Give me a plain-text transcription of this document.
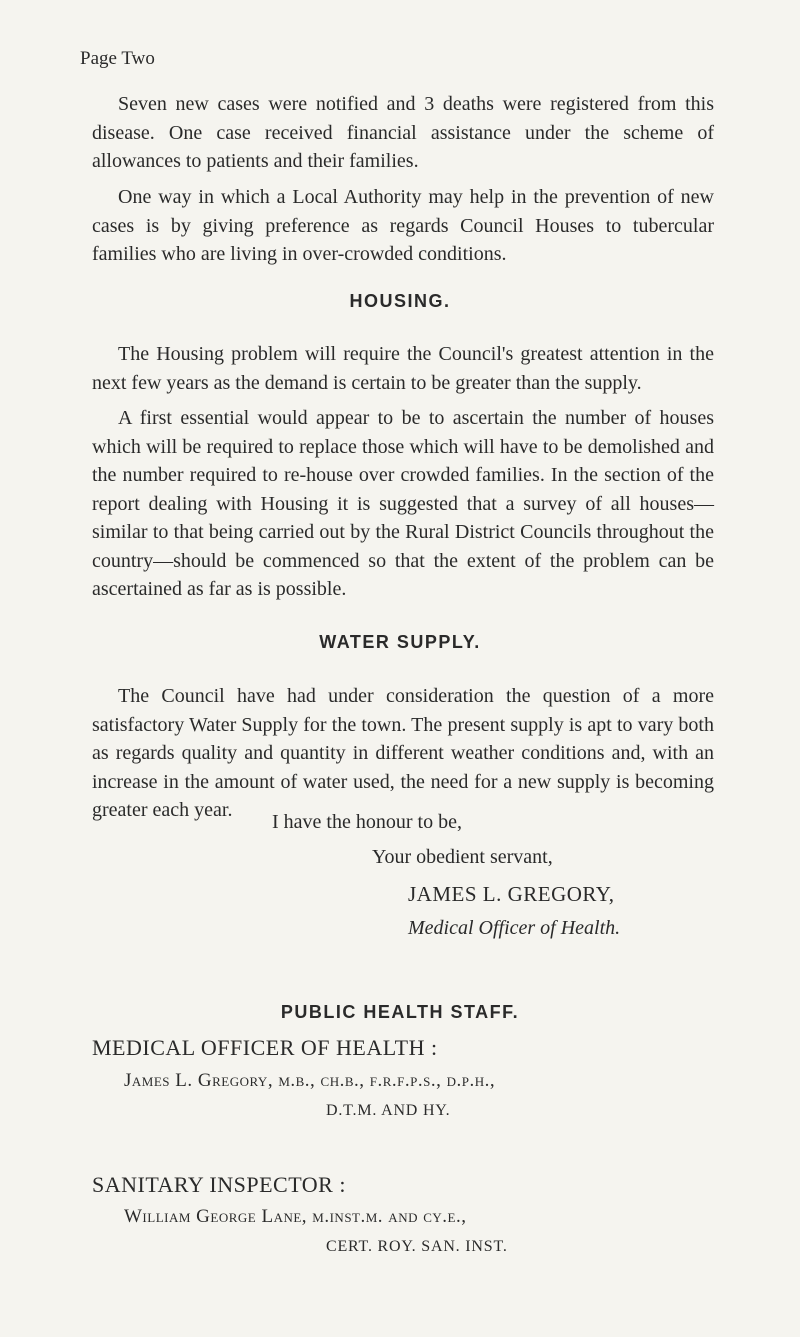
Page Two

Seven new cases were notified and 3 deaths were registered from this disease. One case received financial assistance under the scheme of allowances to patients and their families.

One way in which a Local Authority may help in the prevention of new cases is by giving preference as regards Council Houses to tubercular families who are living in over-crowded conditions.

HOUSING.

The Housing problem will require the Council's greatest attention in the next few years as the demand is certain to be greater than the supply.

A first essential would appear to be to ascertain the number of houses which will be required to replace those which will have to be demolished and the number required to re-house over crowded families. In the section of the report dealing with Housing it is suggested that a survey of all houses—similar to that being carried out by the Rural District Councils throughout the country—should be commenced so that the extent of the problem can be ascertained as far as is possible.

WATER SUPPLY.

The Council have had under consideration the question of a more satisfactory Water Supply for the town. The present supply is apt to vary both as regards quality and quantity in different weather conditions and, with an increase in the amount of water used, the need for a new supply is becoming greater each year.

I have the honour to be,
Your obedient servant,
JAMES L. GREGORY,
Medical Officer of Health.
PUBLIC HEALTH STAFF.
MEDICAL OFFICER OF HEALTH :
James L. Gregory, m.b., ch.b., f.r.f.p.s., d.p.h.,
D.T.M. AND HY.
SANITARY INSPECTOR :
William George Lane, m.inst.m. and cy.e.,
CERT. ROY. SAN. INST.
